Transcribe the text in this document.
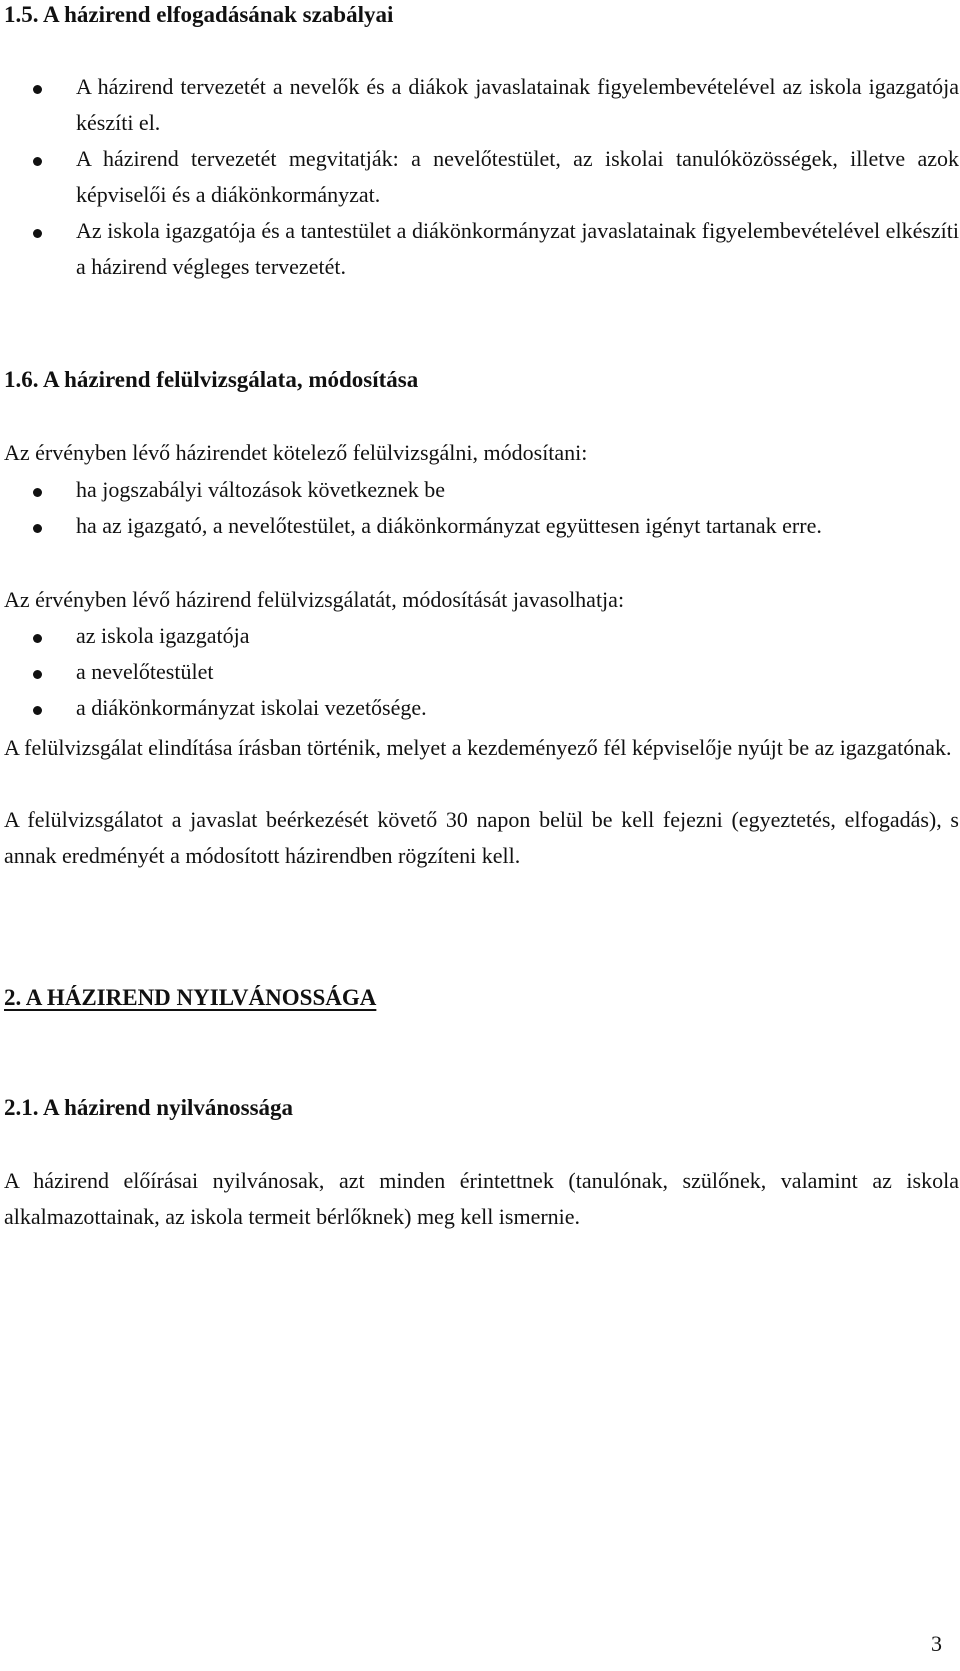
1.5. A házirend elfogadásának szabályai
A házirend tervezetét a nevelők és a diákok javaslatainak figyelembevételével az iskola igazgatója készíti el.
A házirend tervezetét megvitatják: a nevelőtestület, az iskolai tanulóközösségek, illetve azok képviselői és a diákönkormányzat.
Az iskola igazgatója és a tantestület a diákönkormányzat javaslatainak figyelembevételével elkészíti a házirend végleges tervezetét.
1.6. A házirend felülvizsgálata, módosítása
Az érvényben lévő házirendet kötelező felülvizsgálni, módosítani:
ha jogszabályi változások következnek be
ha az igazgató, a nevelőtestület, a diákönkormányzat együttesen igényt tartanak erre.
Az érvényben lévő házirend felülvizsgálatát, módosítását javasolhatja:
az iskola igazgatója
a nevelőtestület
a diákönkormányzat iskolai vezetősége.
A felülvizsgálat elindítása írásban történik, melyet a kezdeményező fél képviselője nyújt be az igazgatónak.
A felülvizsgálatot a javaslat beérkezését követő 30 napon belül be kell fejezni (egyeztetés, elfogadás), s annak eredményét a módosított házirendben rögzíteni kell.
2. A HÁZIREND NYILVÁNOSSÁGA
2.1. A házirend nyilvánossága
A házirend előírásai nyilvánosak, azt minden érintettnek (tanulónak, szülőnek, valamint az iskola alkalmazottainak, az iskola termeit bérlőknek) meg kell ismernie.
3
